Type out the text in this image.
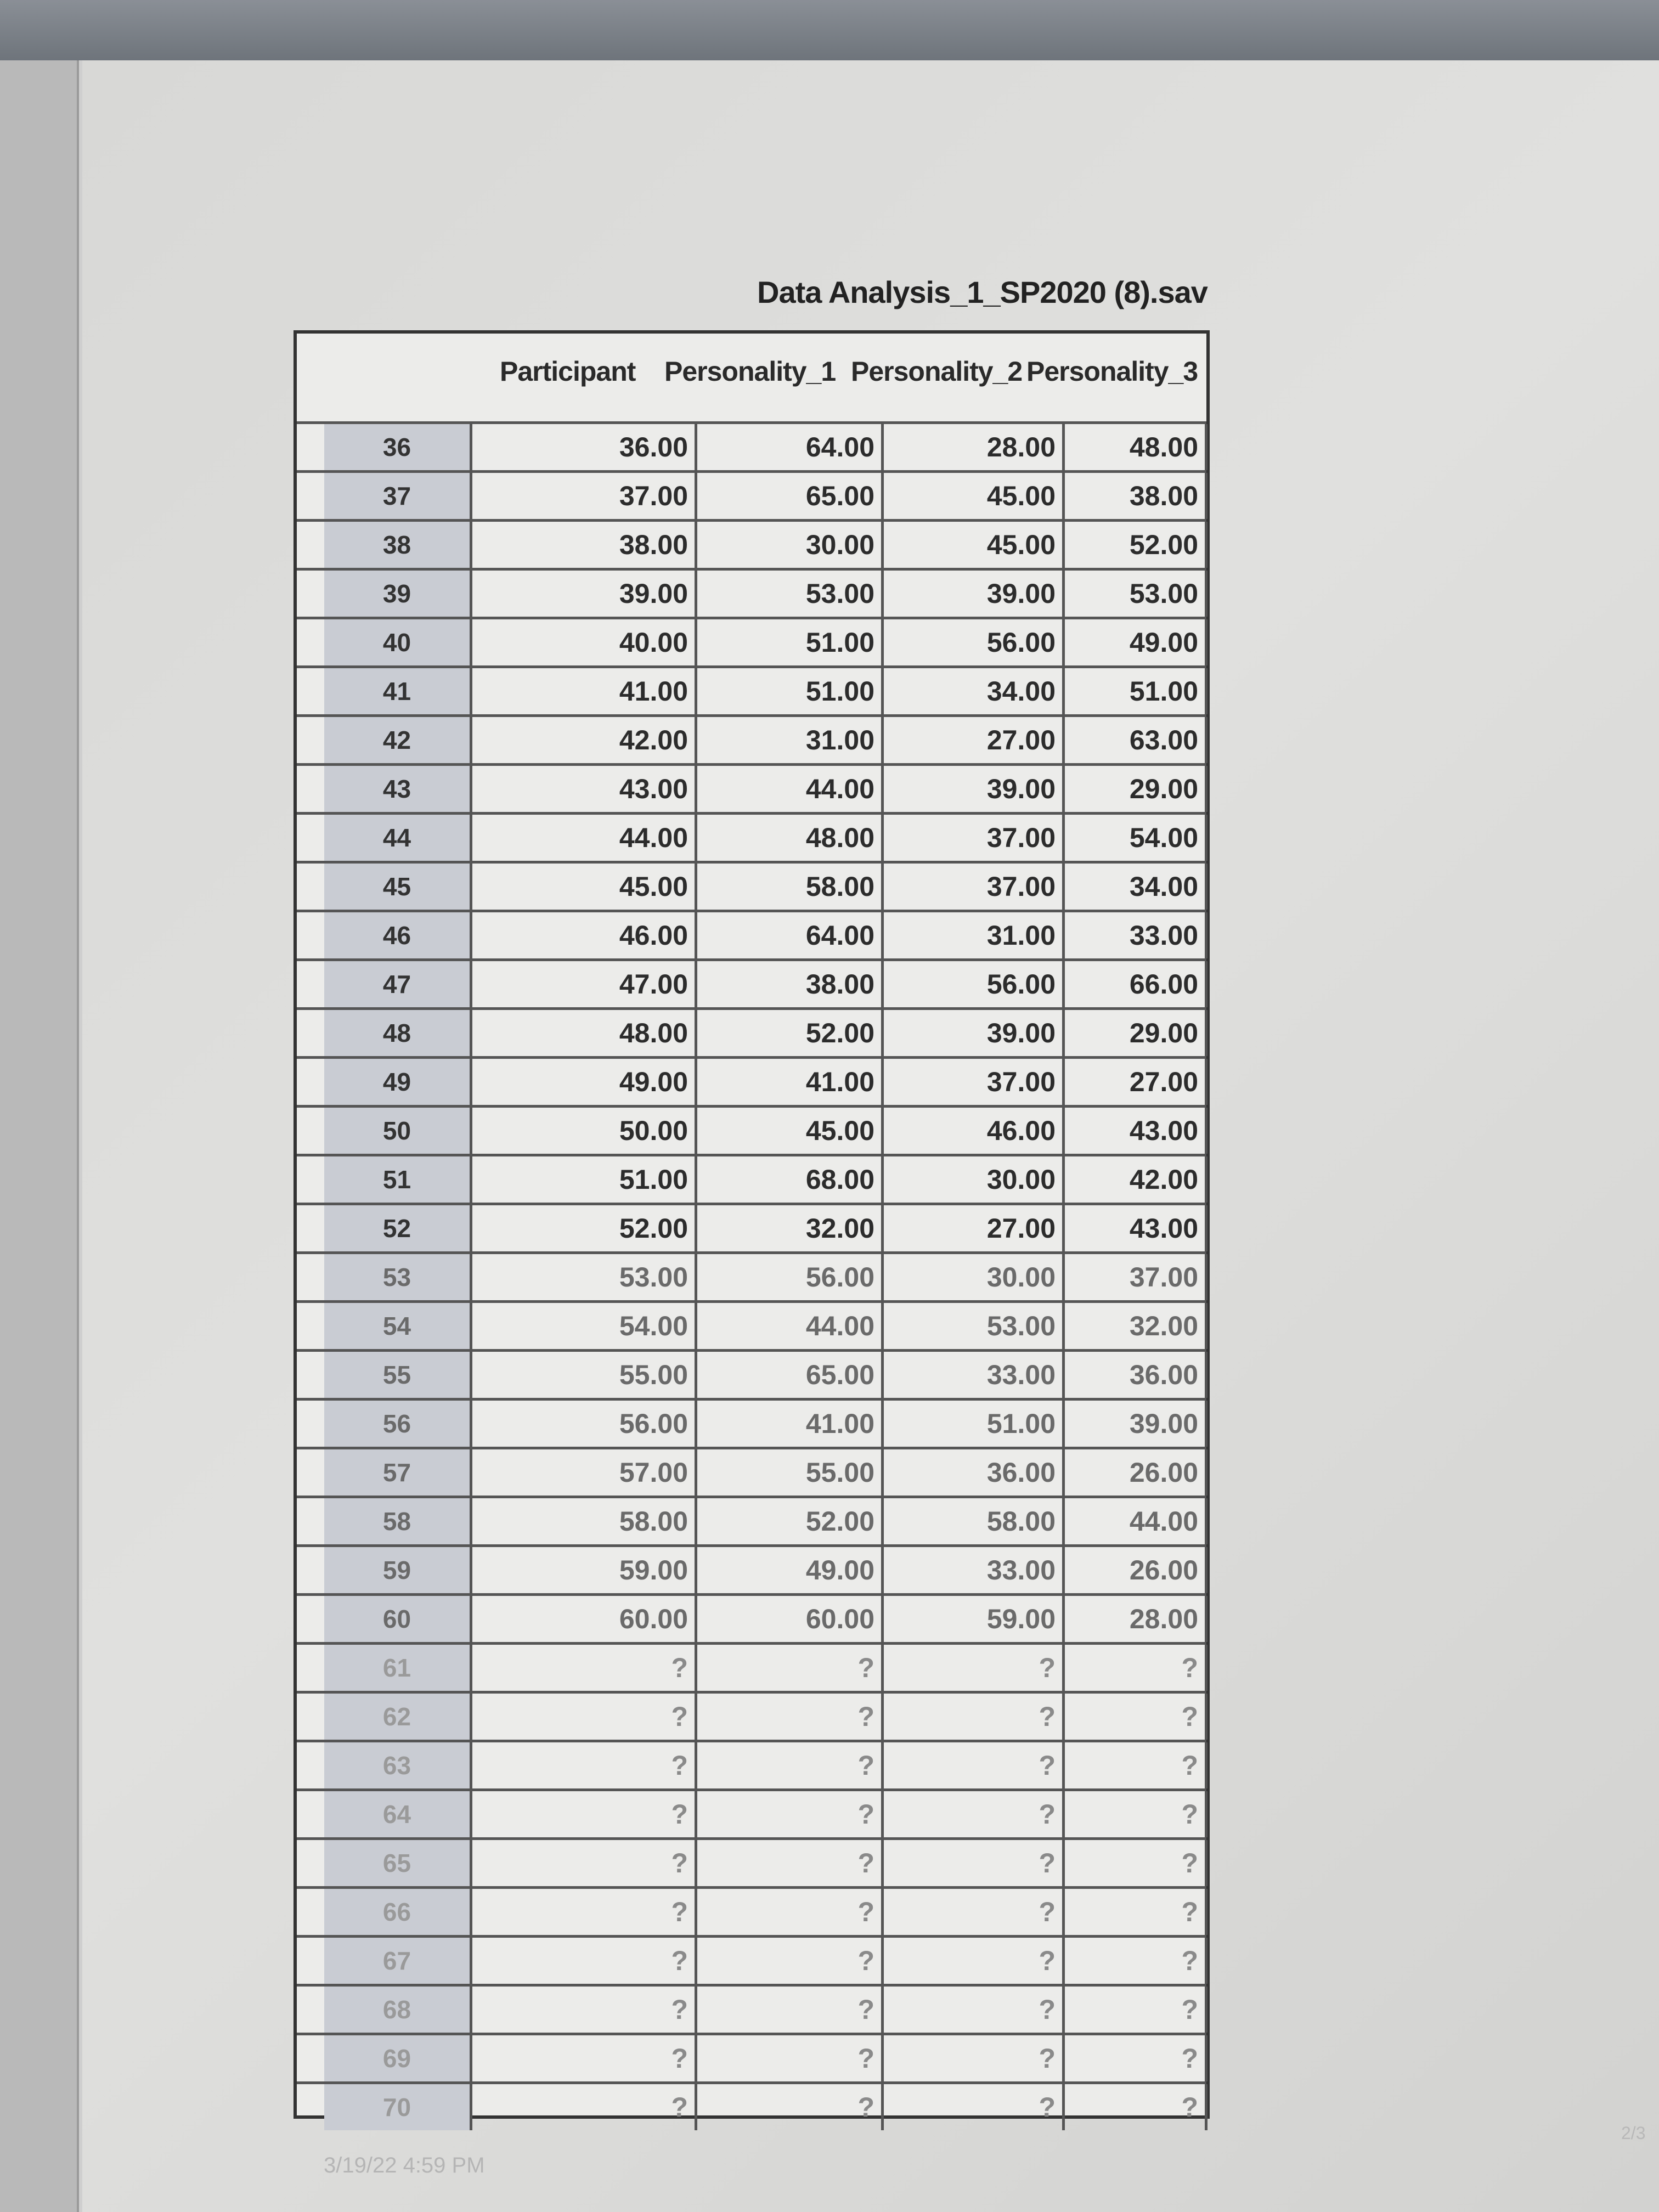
Data Analysis_1_SP2020 (8).sav
Participant Personality_1 Personality_2 Personality_3
36	36.00	64.00	28.00	48.00
37	37.00	65.00	45.00	38.00
38	38.00	30.00	45.00	52.00
39	39.00	53.00	39.00	53.00
40	40.00	51.00	56.00	49.00
41	41.00	51.00	34.00	51.00
42	42.00	31.00	27.00	63.00
43	43.00	44.00	39.00	29.00
44	44.00	48.00	37.00	54.00
45	45.00	58.00	37.00	34.00
46	46.00	64.00	31.00	33.00
47	47.00	38.00	56.00	66.00
48	48.00	52.00	39.00	29.00
49	49.00	41.00	37.00	27.00
50	50.00	45.00	46.00	43.00
51	51.00	68.00	30.00	42.00
52	52.00	32.00	27.00	43.00
53	53.00	56.00	30.00	37.00
54	54.00	44.00	53.00	32.00
55	55.00	65.00	33.00	36.00
56	56.00	41.00	51.00	39.00
57	57.00	55.00	36.00	26.00
58	58.00	52.00	58.00	44.00
59	59.00	49.00	33.00	26.00
60	60.00	60.00	59.00	28.00
61	?	?	?	?
62	?	?	?	?
63	?	?	?	?
64	?	?	?	?
65	?	?	?	?
66	?	?	?	?
67	?	?	?	?
68	?	?	?	?
69	?	?	?	?
70	?	?	?	?
3/19/22 4:59 PM
2/3
